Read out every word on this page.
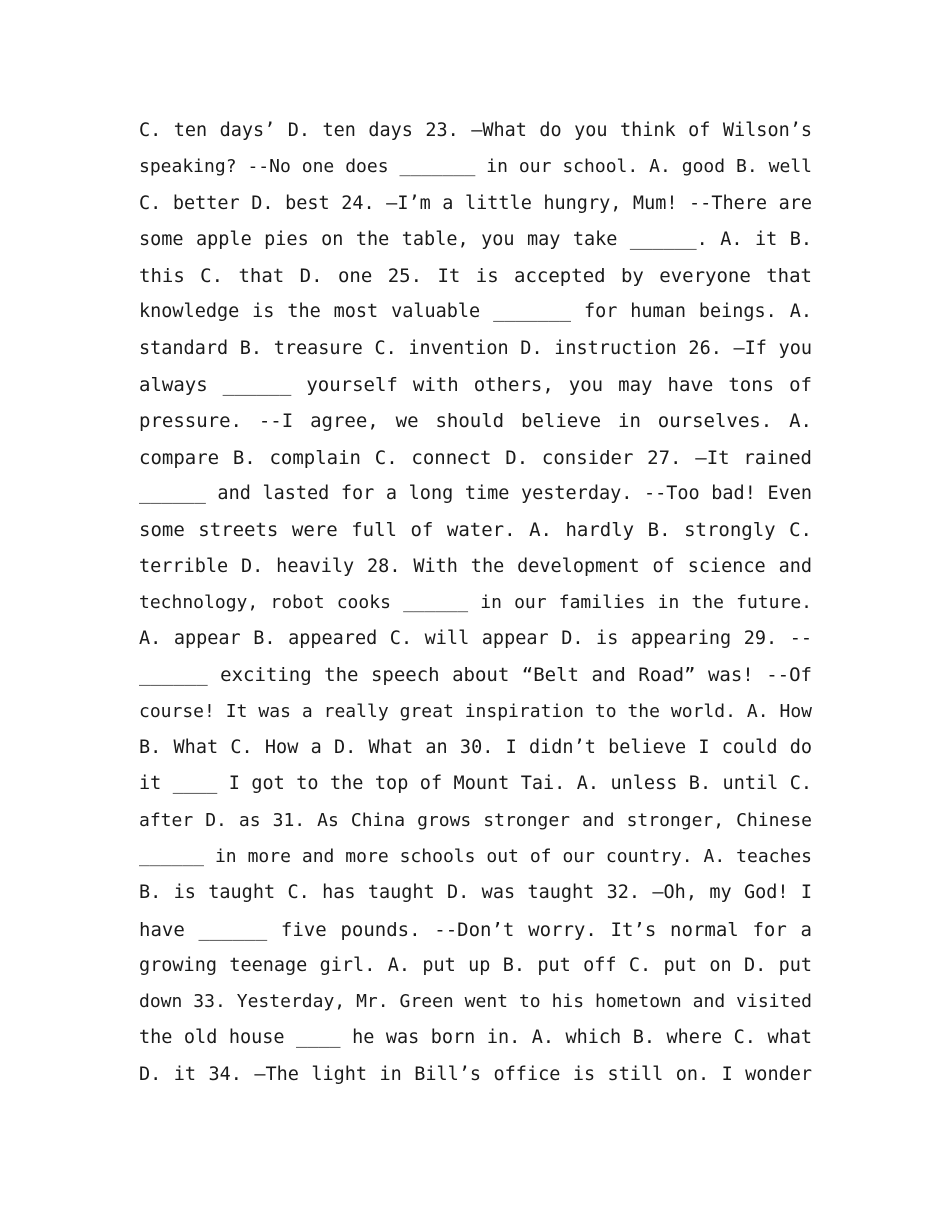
C. ten days’ D. ten days 23. –What do you think of Wilson’s
speaking? --No one does _______ in our school. A. good B. well
C. better D. best 24. –I’m a little hungry, Mum! --There are
some apple pies on the table, you may take ______. A. it B.
this C. that D. one 25. It is accepted by everyone that
knowledge is the most valuable _______ for human beings. A.
standard B. treasure C. invention D. instruction 26. –If you
always ______ yourself with others, you may have tons of
pressure. --I agree, we should believe in ourselves. A.
compare B. complain C. connect D. consider 27. –It rained
______ and lasted for a long time yesterday. --Too bad! Even
some streets were full of water. A. hardly B. strongly C.
terrible D. heavily 28. With the development of science and
technology, robot cooks ______ in our families in the future.
A. appear B. appeared C. will appear D. is appearing 29. --
______ exciting the speech about “Belt and Road” was! --Of
course! It was a really great inspiration to the world. A. How
B. What C. How a D. What an 30. I didn’t believe I could do
it ____ I got to the top of Mount Tai. A. unless B. until C.
after D. as 31. As China grows stronger and stronger, Chinese
______ in more and more schools out of our country. A. teaches
B. is taught C. has taught D. was taught 32. –Oh, my God! I
have ______ five pounds. --Don’t worry. It’s normal for a
growing teenage girl. A. put up B. put off C. put on D. put
down 33. Yesterday, Mr. Green went to his hometown and visited
the old house ____ he was born in. A. which B. where C. what
D. it 34. –The light in Bill’s office is still on. I wonder
